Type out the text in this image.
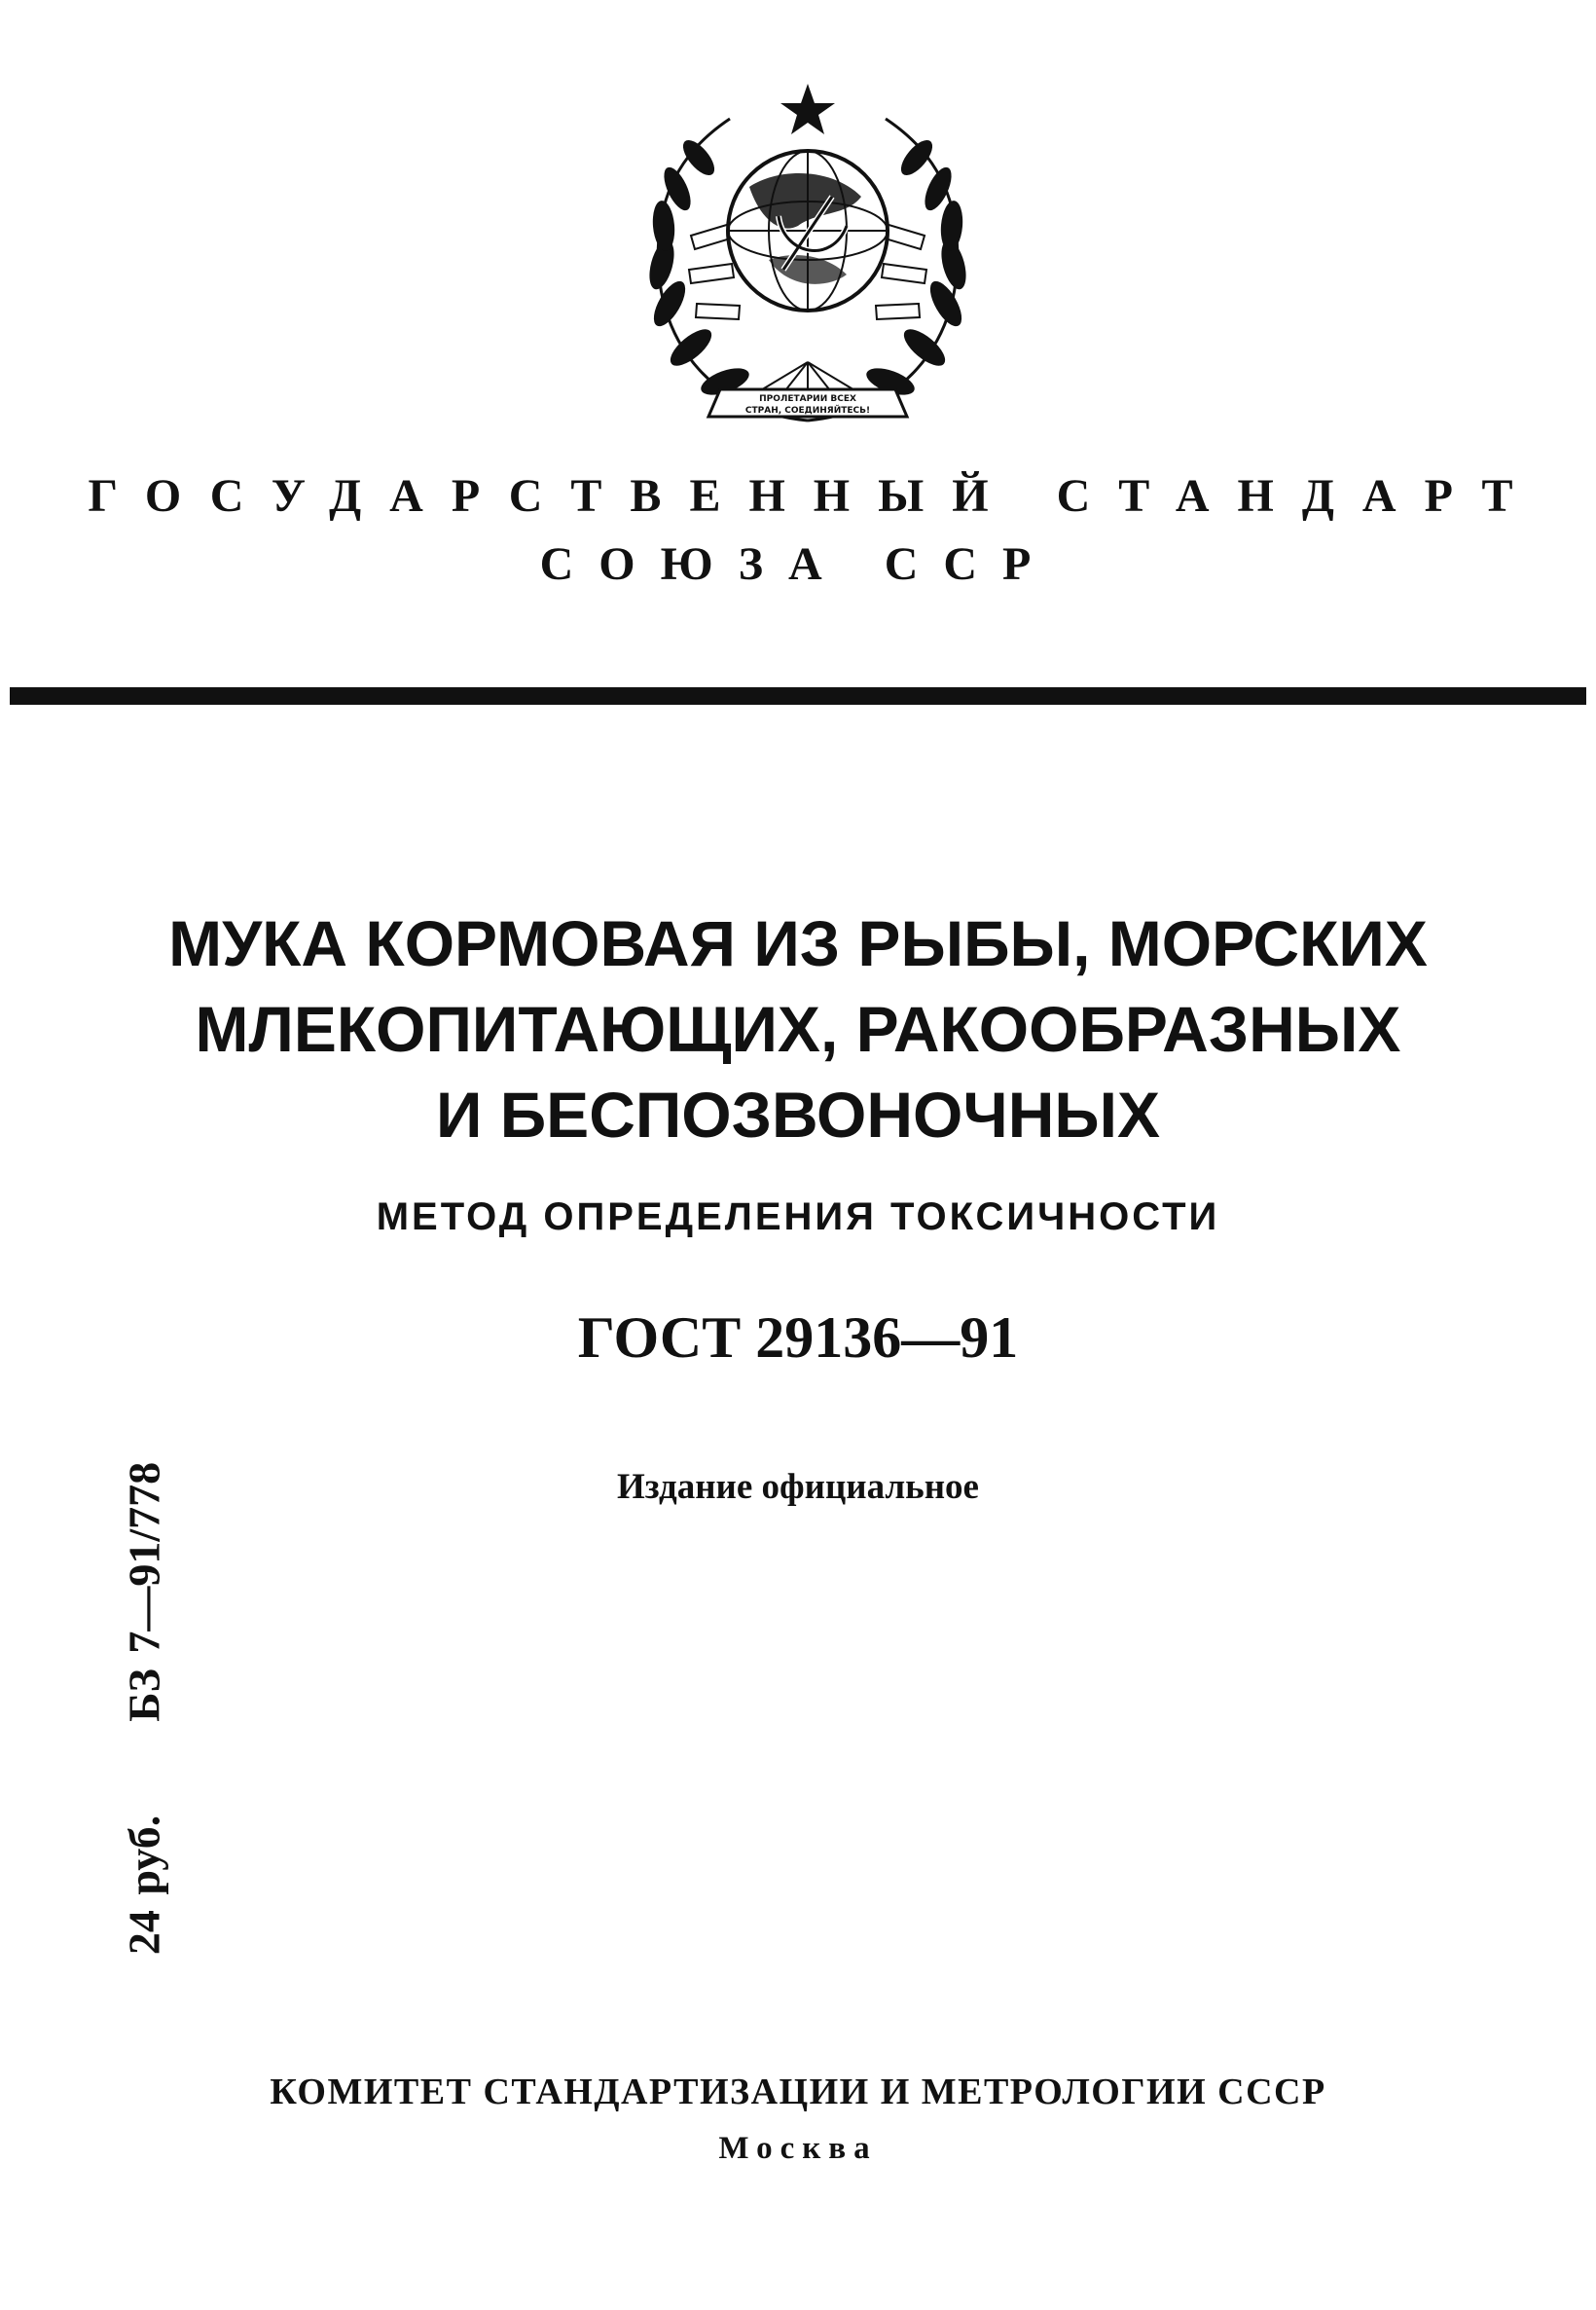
ПРОЛЕТАРИИ ВСЕХ
СТРАН, СОЕДИНЯЙТЕСЬ!
ГОСУДАРСТВЕННЫЙ СТАНДАРТ
СОЮЗА ССР
МУКА КОРМОВАЯ ИЗ РЫБЫ, МОРСКИХ
МЛЕКОПИТАЮЩИХ, РАКООБРАЗНЫХ
И БЕСПОЗВОНОЧНЫХ
МЕТОД ОПРЕДЕЛЕНИЯ ТОКСИЧНОСТИ
ГОСТ 29136—91
Издание официальное
24 руб.БЗ 7—91/778
КОМИТЕТ СТАНДАРТИЗАЦИИ И МЕТРОЛОГИИ СССР
Москва
